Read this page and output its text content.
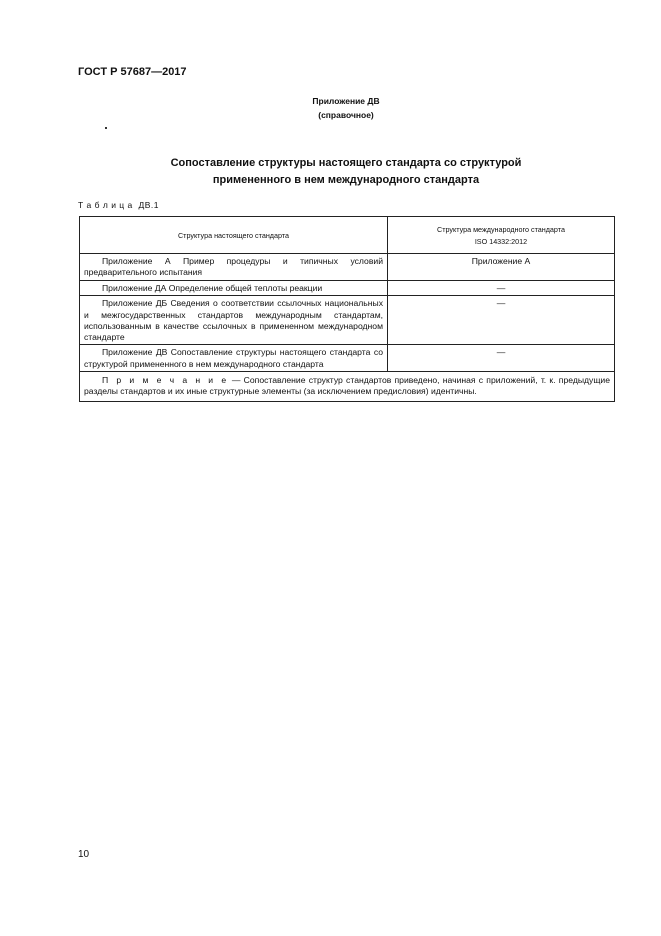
ГОСТ Р 57687—2017
Приложение ДВ
(справочное)
Сопоставление структуры настоящего стандарта со структурой
примененного в нем международного стандарта
Т а б л и ц а  ДВ.1
Структура настоящего стандарта	Структура международного стандарта
ISO 14332:2012

Приложение А Пример процедуры и типичных условий предварительного испытания	Приложение А
Приложение ДА Определение общей теплоты реакции	—
Приложение ДБ Сведения о соответствии ссылочных национальных и межгосударственных стандартов международным стандартам, использованным в качестве ссылочных в примененном международном стандарте	—
Приложение ДВ Сопоставление структуры настоящего стандарта со структурой примененного в нем международного стандарта	—
П р и м е ч а н и е — Сопоставление структур стандартов приведено, начиная с приложений, т. к. предыдущие разделы стандартов и их иные структурные элементы (за исключением предисловия) идентичны.	
10
